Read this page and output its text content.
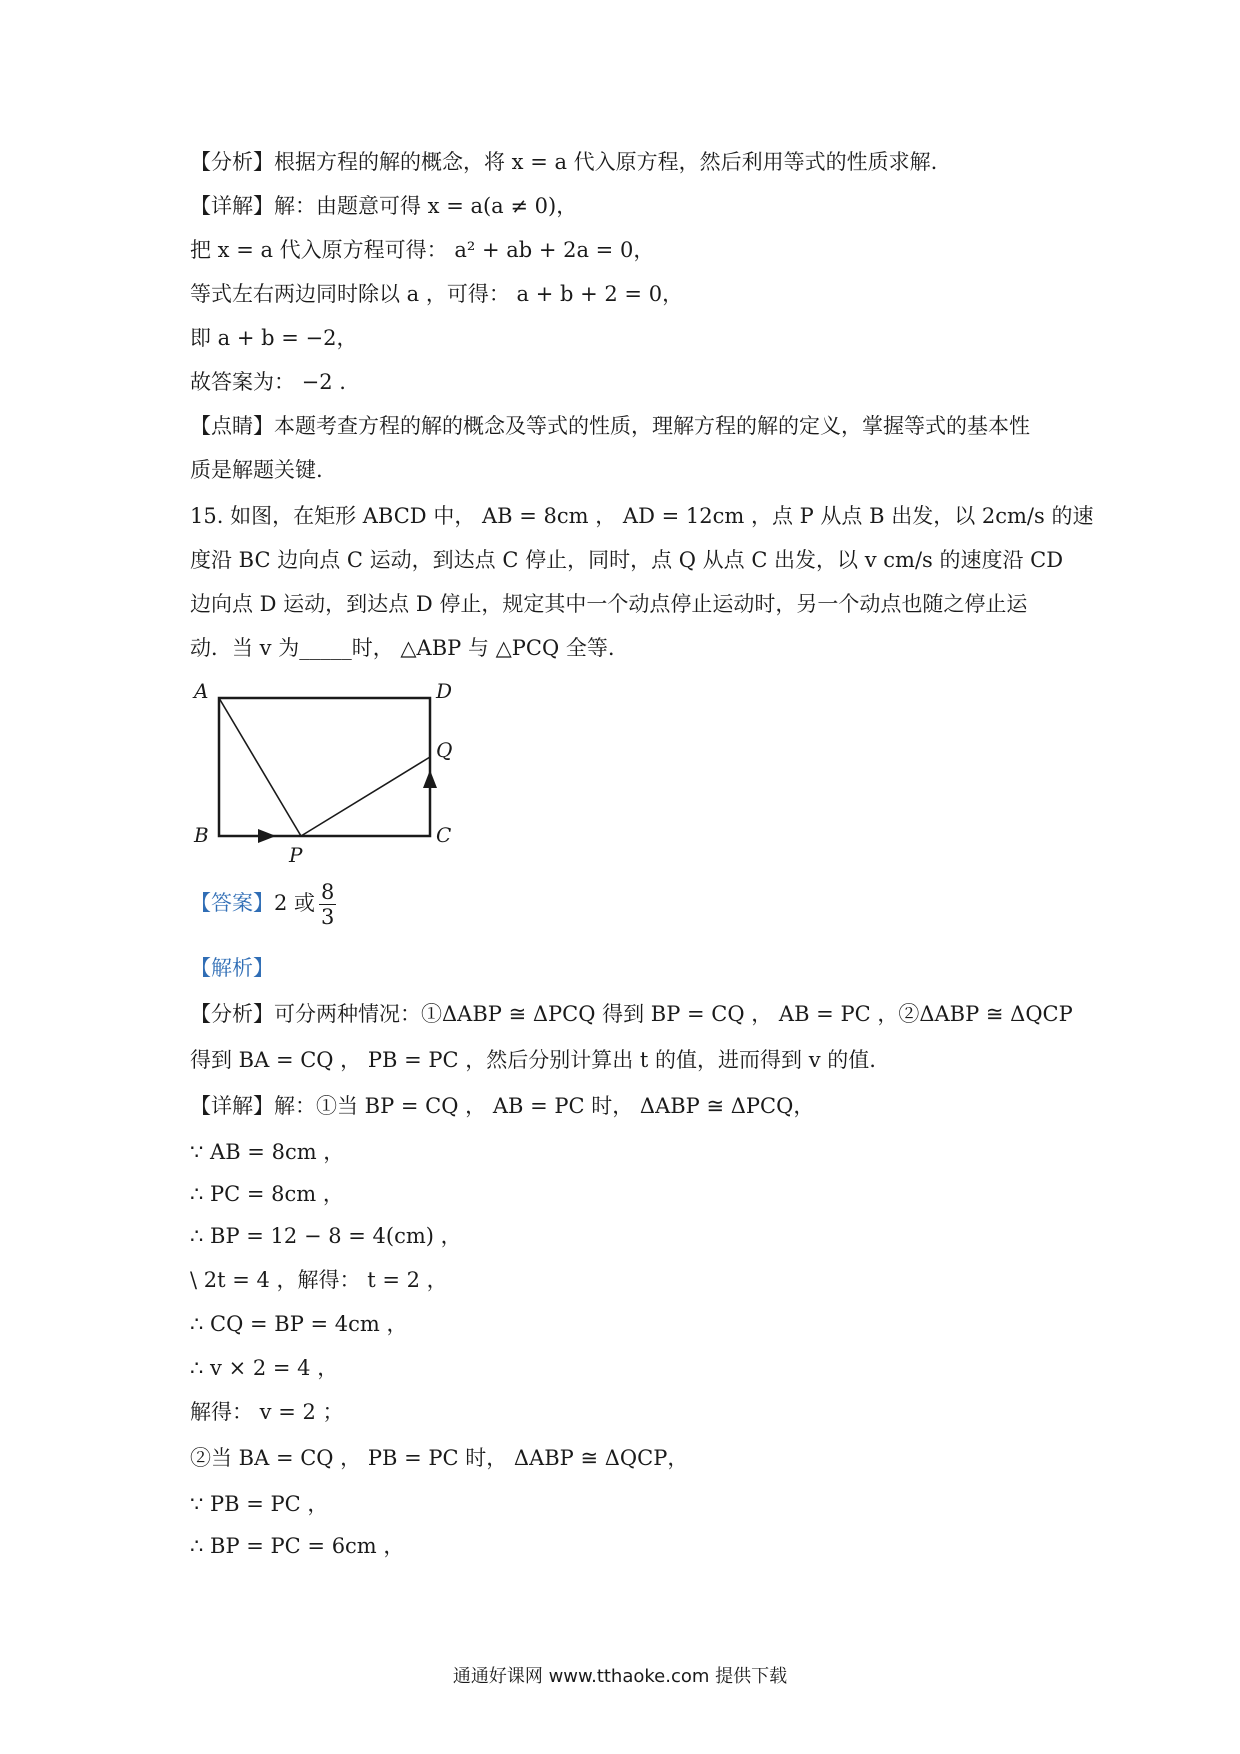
【分析】根据方程的解的概念，将 x = a 代入原方程，然后利用等式的性质求解.
【详解】解：由题意可得 x = a(a ≠ 0)，
把 x = a 代入原方程可得： a² + ab + 2a = 0，
等式左右两边同时除以 a ，可得： a + b + 2 = 0，
即 a + b = −2，
故答案为： −2 .
【点睛】本题考查方程的解的概念及等式的性质，理解方程的解的定义，掌握等式的基本性
质是解题关键.
15. 如图，在矩形 ABCD 中， AB = 8cm ， AD = 12cm ，点 P 从点 B 出发，以 2cm/s 的速
度沿 BC 边向点 C 运动，到达点 C 停止，同时，点 Q 从点 C 出发，以 v cm/s 的速度沿 CD
边向点 D 运动，到达点 D 停止，规定其中一个动点停止运动时，另一个动点也随之停止运
动．当 v 为_____时， △ABP 与 △PCQ 全等.
A	D
Q
B	C
P
【答案】2 或 $\frac{8}{3}$
【解析】
【分析】可分两种情况：①ΔABP ≅ ΔPCQ 得到 BP = CQ ， AB = PC ，②ΔABP ≅ ΔQCP
得到 BA = CQ ， PB = PC ，然后分别计算出 t 的值，进而得到 v 的值.
【详解】解：①当 BP = CQ ， AB = PC 时， ΔABP ≅ ΔPCQ，
∵ AB = 8cm ，
∴ PC = 8cm ，
∴ BP = 12 − 8 = 4(cm) ，
\ 2t = 4 ，解得： t = 2 ，
∴ CQ = BP = 4cm ，
∴ v × 2 = 4 ，
解得： v = 2 ；
②当 BA = CQ ， PB = PC 时， ΔABP ≅ ΔQCP，
∵ PB = PC ，
∴ BP = PC = 6cm ，
通通好课网 www.tthaoke.com 提供下载
